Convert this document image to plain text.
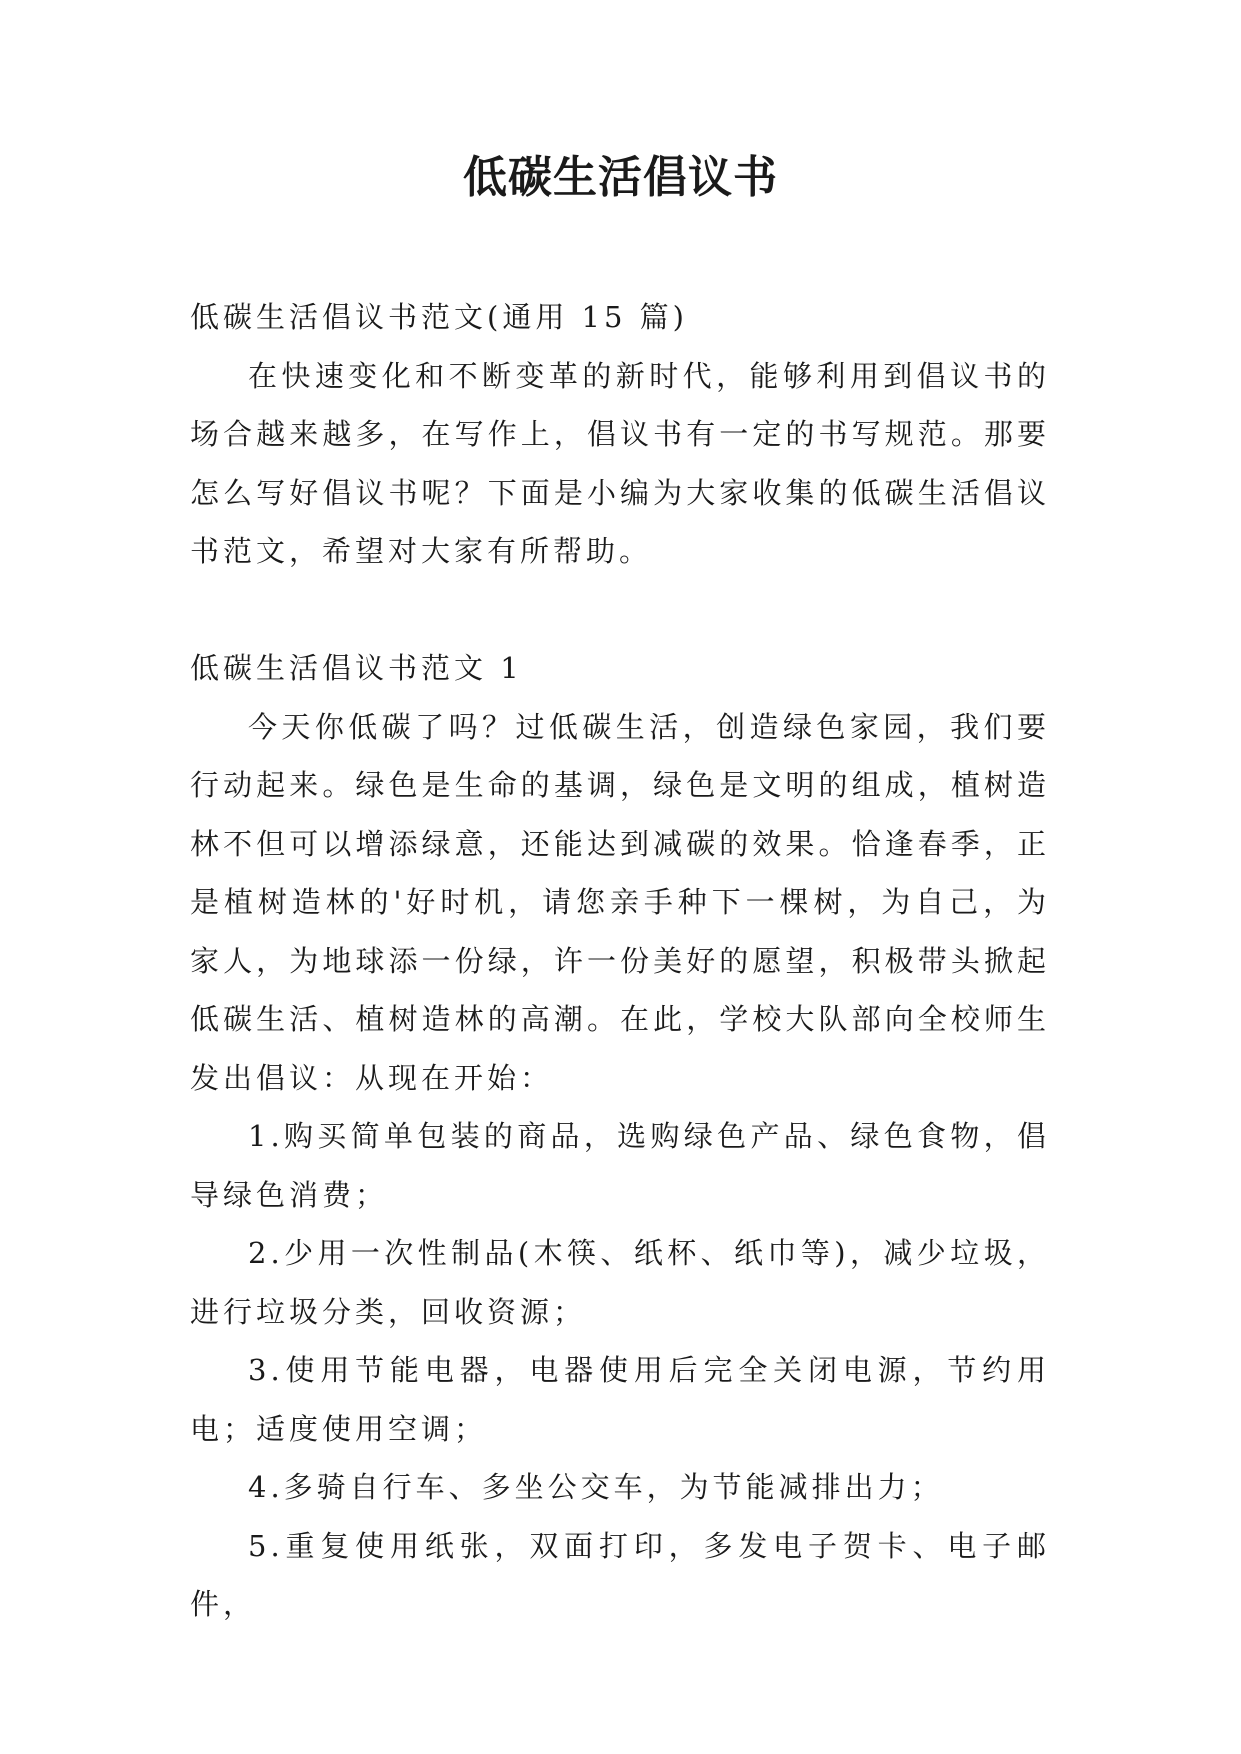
低碳生活倡议书

低碳生活倡议书范文(通用 15 篇)

在快速变化和不断变革的新时代，能够利用到倡议书的场合越来越多，在写作上，倡议书有一定的书写规范。那要怎么写好倡议书呢？下面是小编为大家收集的低碳生活倡议书范文，希望对大家有所帮助。

低碳生活倡议书范文 1

今天你低碳了吗？过低碳生活，创造绿色家园，我们要行动起来。绿色是生命的基调，绿色是文明的组成，植树造林不但可以增添绿意，还能达到减碳的效果。恰逢春季，正是植树造林的'好时机，请您亲手种下一棵树，为自己，为家人，为地球添一份绿，许一份美好的愿望，积极带头掀起低碳生活、植树造林的高潮。在此，学校大队部向全校师生发出倡议：从现在开始：

1.购买简单包装的商品，选购绿色产品、绿色食物，倡导绿色消费；

2.少用一次性制品(木筷、纸杯、纸巾等)，减少垃圾，进行垃圾分类，回收资源；

3.使用节能电器，电器使用后完全关闭电源，节约用电；适度使用空调；

4.多骑自行车、多坐公交车，为节能减排出力；

5.重复使用纸张，双面打印，多发电子贺卡、电子邮件，
